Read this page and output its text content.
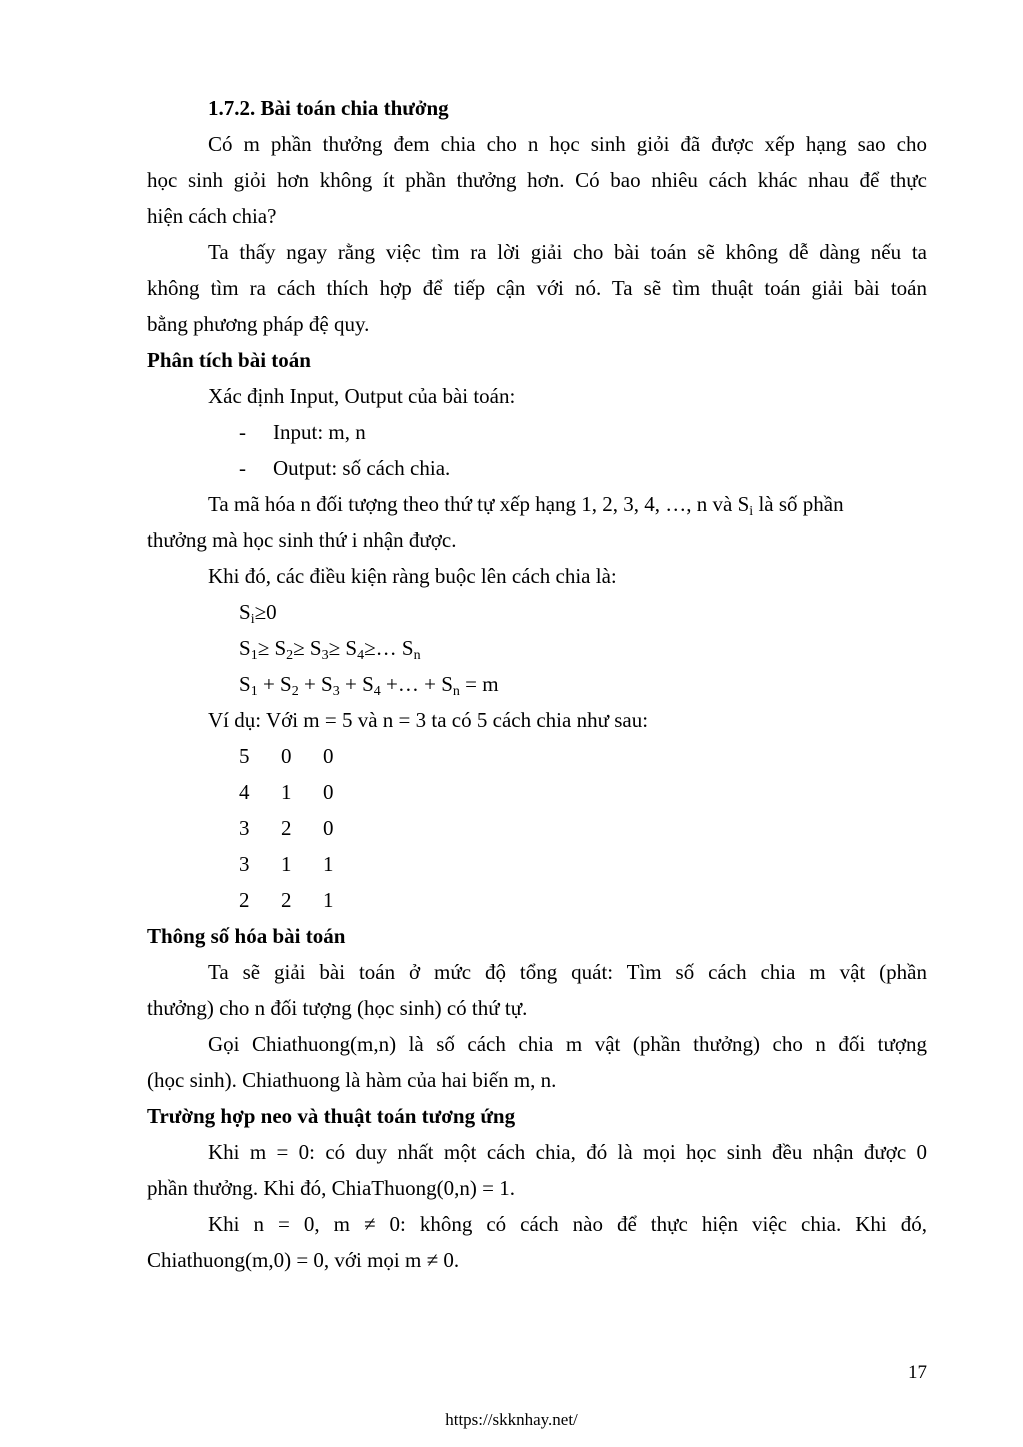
1.7.2. Bài toán chia thưởng
Có m phần thưởng đem chia cho n học sinh giỏi đã được xếp hạng sao cho
học sinh giỏi hơn không ít phần thưởng hơn. Có bao nhiêu cách khác nhau để thực
hiện cách chia?
Ta thấy ngay rằng việc tìm ra lời giải cho bài toán sẽ không dễ dàng nếu ta
không tìm ra cách thích hợp để tiếp cận với nó. Ta sẽ tìm thuật toán giải bài toán
bằng phương pháp đệ quy.
Phân tích bài toán
Xác định Input, Output của bài toán:
- Input: m, n
- Output: số cách chia.
Ta mã hóa n đối tượng theo thứ tự xếp hạng 1, 2, 3, 4, …, n và $S_i$ là số phần
thưởng mà học sinh thứ i nhận được.
Khi đó, các điều kiện ràng buộc lên cách chia là:
$S_i\ge 0$
$S_1\ge S_2\ge S_3\ge$ $S_4\ge\dots$ $S_n$
$S_1 + S_2 + S_3 + S_4$ +… + $S_n = m$
Ví dụ: Với m = 5 và n = 3 ta có 5 cách chia như sau:
5 0 0
4 1 0
3 2 0
3 1 1
2 2 1
Thông số hóa bài toán
Ta sẽ giải bài toán ở mức độ tổng quát: Tìm số cách chia m vật (phần
thưởng) cho n đối tượng (học sinh) có thứ tự.
Gọi Chiathuong(m,n) là số cách chia m vật (phần thưởng) cho n đối tượng
(học sinh). Chiathuong là hàm của hai biến m, n.
Trường hợp neo và thuật toán tương ứng
Khi m = 0: có duy nhất một cách chia, đó là mọi học sinh đều nhận được 0
phần thưởng. Khi đó, ChiaThuong(0,n) = 1.
Khi n = 0, m ≠ 0: không có cách nào để thực hiện việc chia. Khi đó,
Chiathuong(m,0) = 0, với mọi m ≠ 0.
17
https://skknhay.net/
